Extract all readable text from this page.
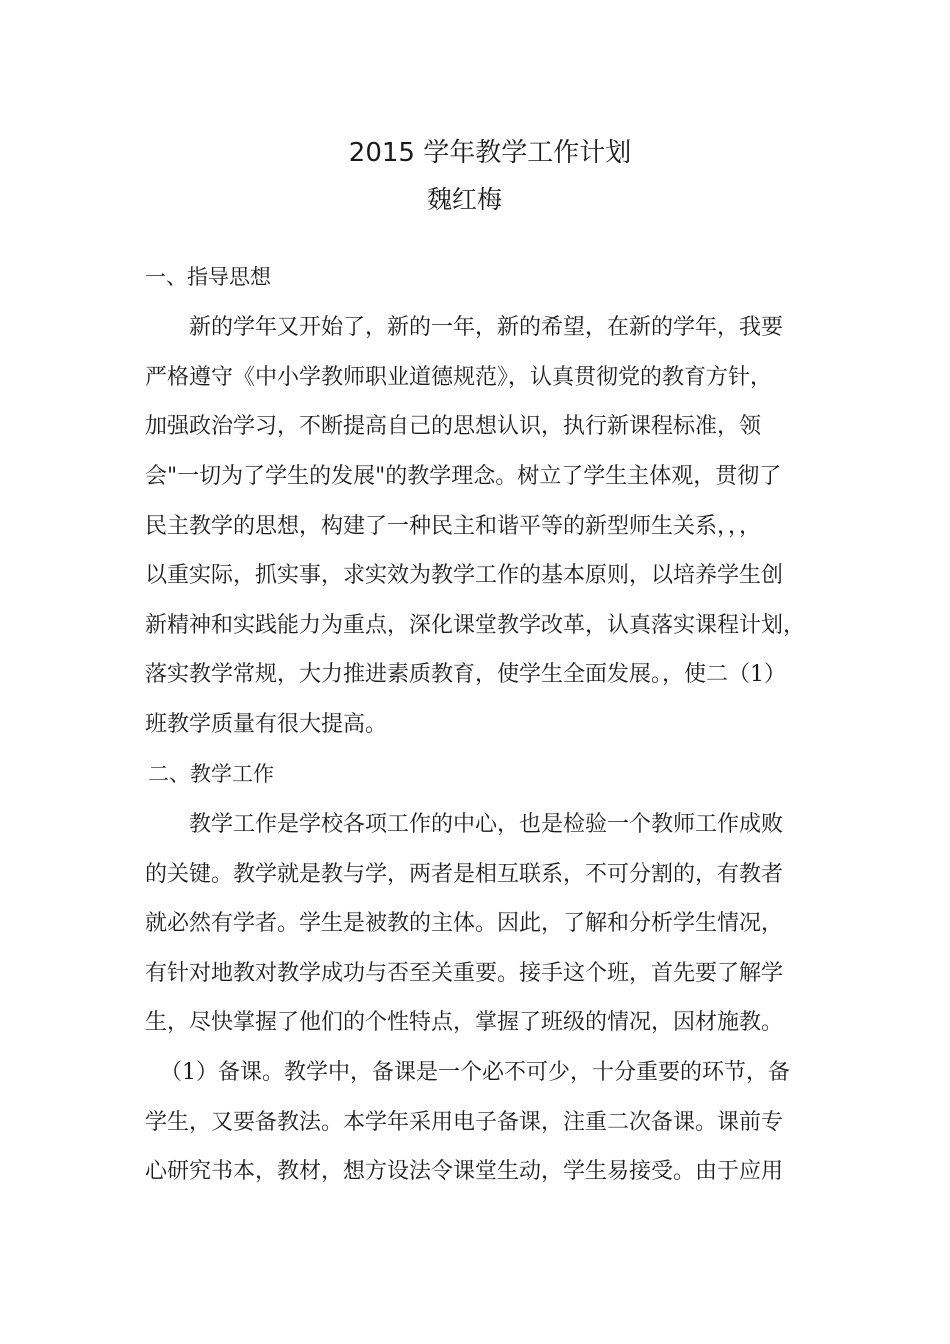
2015 学年教学工作计划
魏红梅
一、指导思想
新的学年又开始了，新的一年，新的希望，在新的学年，我要
严格遵守《中小学教师职业道德规范》，认真贯彻党的教育方针，
加强政治学习，不断提高自己的思想认识，执行新课程标准，领
会"一切为了学生的发展"的教学理念。树立了学生主体观，贯彻了
民主教学的思想，构建了一种民主和谐平等的新型师生关系，，，
以重实际，抓实事，求实效为教学工作的基本原则，以培养学生创
新精神和实践能力为重点，深化课堂教学改革，认真落实课程计划，
落实教学常规，大力推进素质教育，使学生全面发展。，使二（1）
班教学质量有很大提高。
二、教学工作
教学工作是学校各项工作的中心，也是检验一个教师工作成败
的关键。教学就是教与学，两者是相互联系，不可分割的，有教者
就必然有学者。学生是被教的主体。因此，了解和分析学生情况，
有针对地教对教学成功与否至关重要。接手这个班，首先要了解学
生，尽快掌握了他们的个性特点，掌握了班级的情况，因材施教。
（1）备课。教学中，备课是一个必不可少，十分重要的环节，备
学生，又要备教法。本学年采用电子备课，注重二次备课。课前专
心研究书本，教材，想方设法令课堂生动，学生易接受。由于应用
